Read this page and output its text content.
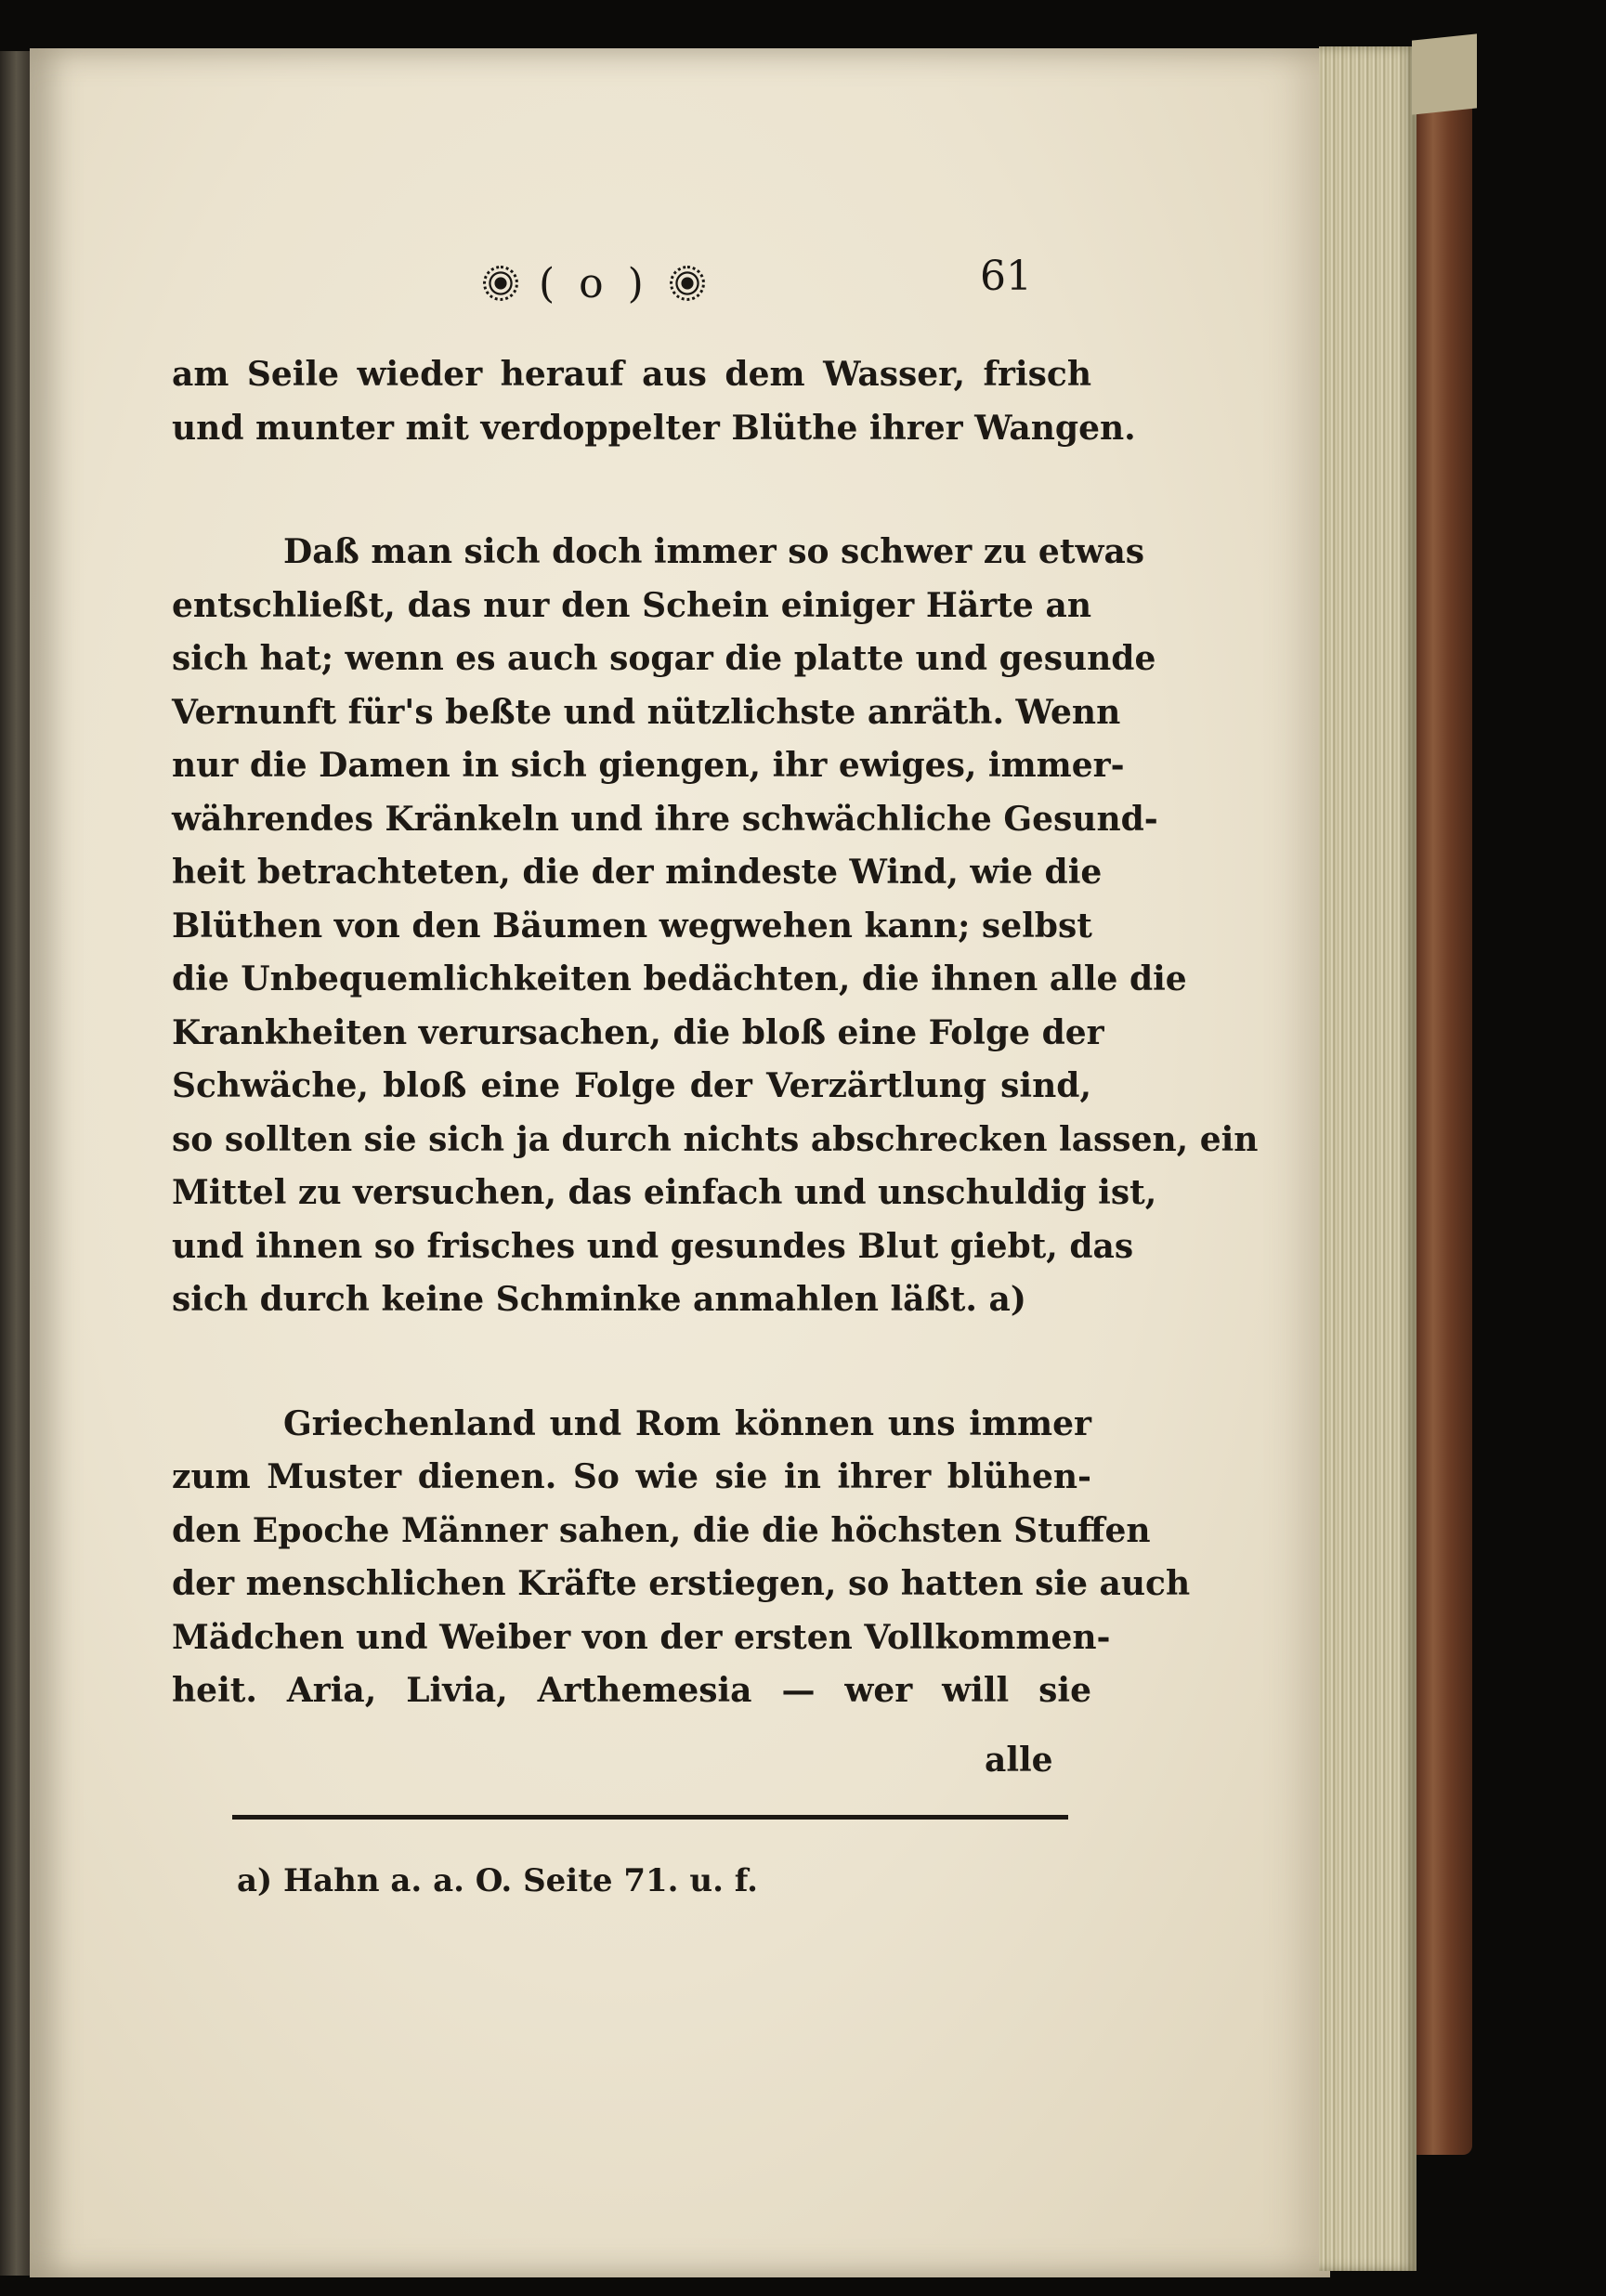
( o )	61
am Seile wieder herauf aus dem Wasser, frisch
und munter mit verdoppelter Blüthe ihrer Wangen.
Daß man sich doch immer so schwer zu etwas
entschließt, das nur den Schein einiger Härte an
sich hat; wenn es auch sogar die platte und gesunde
Vernunft für's beßte und nützlichste anräth. Wenn
nur die Damen in sich giengen, ihr ewiges, immer-
währendes Kränkeln und ihre schwächliche Gesund-
heit betrachteten, die der mindeste Wind, wie die
Blüthen von den Bäumen wegwehen kann; selbst
die Unbequemlichkeiten bedächten, die ihnen alle die
Krankheiten verursachen, die bloß eine Folge der
Schwäche, bloß eine Folge der Verzärtlung sind,
so sollten sie sich ja durch nichts abschrecken lassen, ein
Mittel zu versuchen, das einfach und unschuldig ist,
und ihnen so frisches und gesundes Blut giebt, das
sich durch keine Schminke anmahlen läßt. a)
Griechenland und Rom können uns immer
zum Muster dienen. So wie sie in ihrer blühen-
den Epoche Männer sahen, die die höchsten Stuffen
der menschlichen Kräfte erstiegen, so hatten sie auch
Mädchen und Weiber von der ersten Vollkommen-
heit. Aria, Livia, Arthemesia — wer will sie
alle
a) Hahn a. a. O. Seite 71. u. f.
